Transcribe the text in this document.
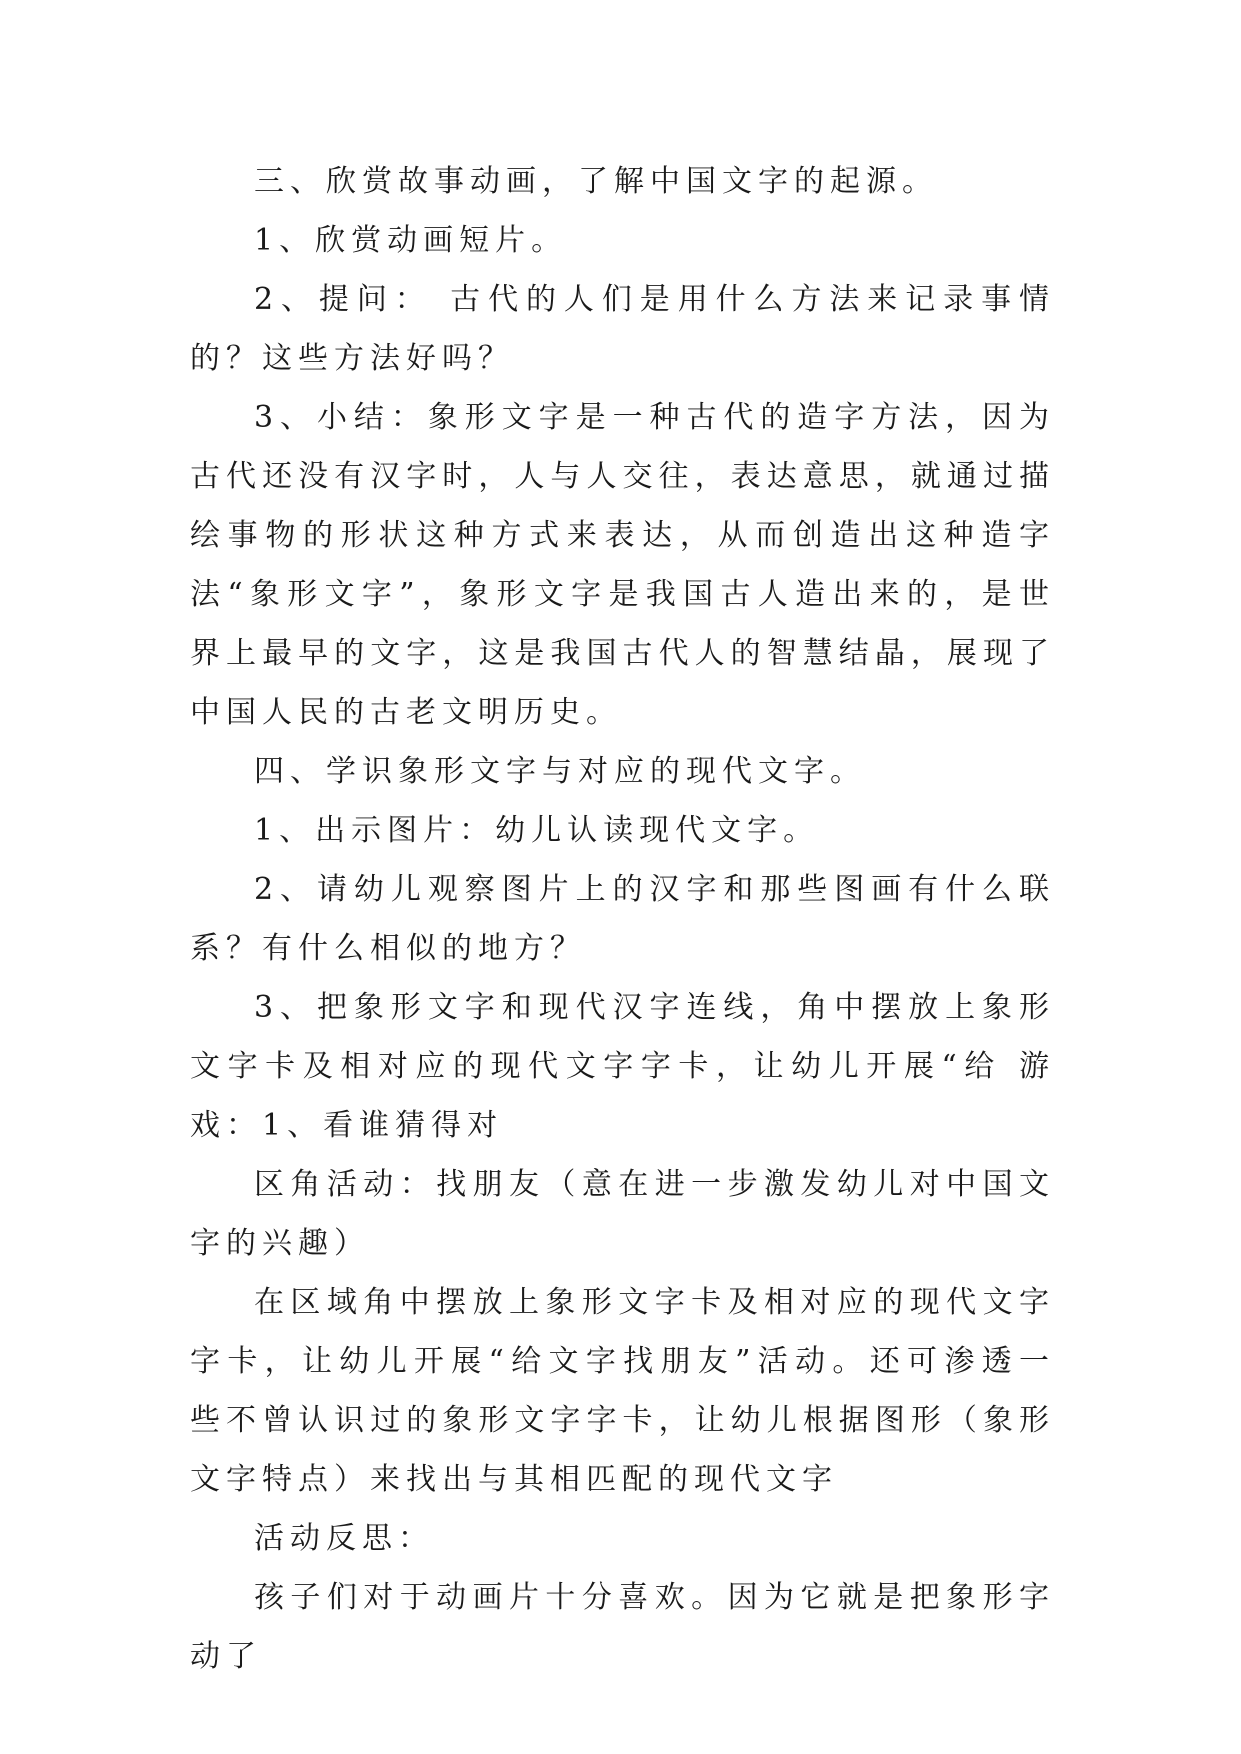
三、欣赏故事动画，了解中国文字的起源。

1、欣赏动画短片。

2、提问： 古代的人们是用什么方法来记录事情的？这些方法好吗？

3、小结：象形文字是一种古代的造字方法，因为古代还没有汉字时，人与人交往，表达意思，就通过描绘事物的形状这种方式来表达，从而创造出这种造字法“象形文字”，象形文字是我国古人造出来的，是世界上最早的文字，这是我国古代人的智慧结晶，展现了中国人民的古老文明历史。

四、学识象形文字与对应的现代文字。

1、出示图片：幼儿认读现代文字。

2、请幼儿观察图片上的汉字和那些图画有什么联系？有什么相似的地方？

3、把象形文字和现代汉字连线，角中摆放上象形文字卡及相对应的现代文字字卡，让幼儿开展“给 游戏：1、看谁猜得对

区角活动：找朋友（意在进一步激发幼儿对中国文字的兴趣）

在区域角中摆放上象形文字卡及相对应的现代文字字卡，让幼儿开展“给文字找朋友”活动。还可渗透一些不曾认识过的象形文字字卡，让幼儿根据图形（象形文字特点）来找出与其相匹配的现代文字

活动反思：

孩子们对于动画片十分喜欢。因为它就是把象形字动了
